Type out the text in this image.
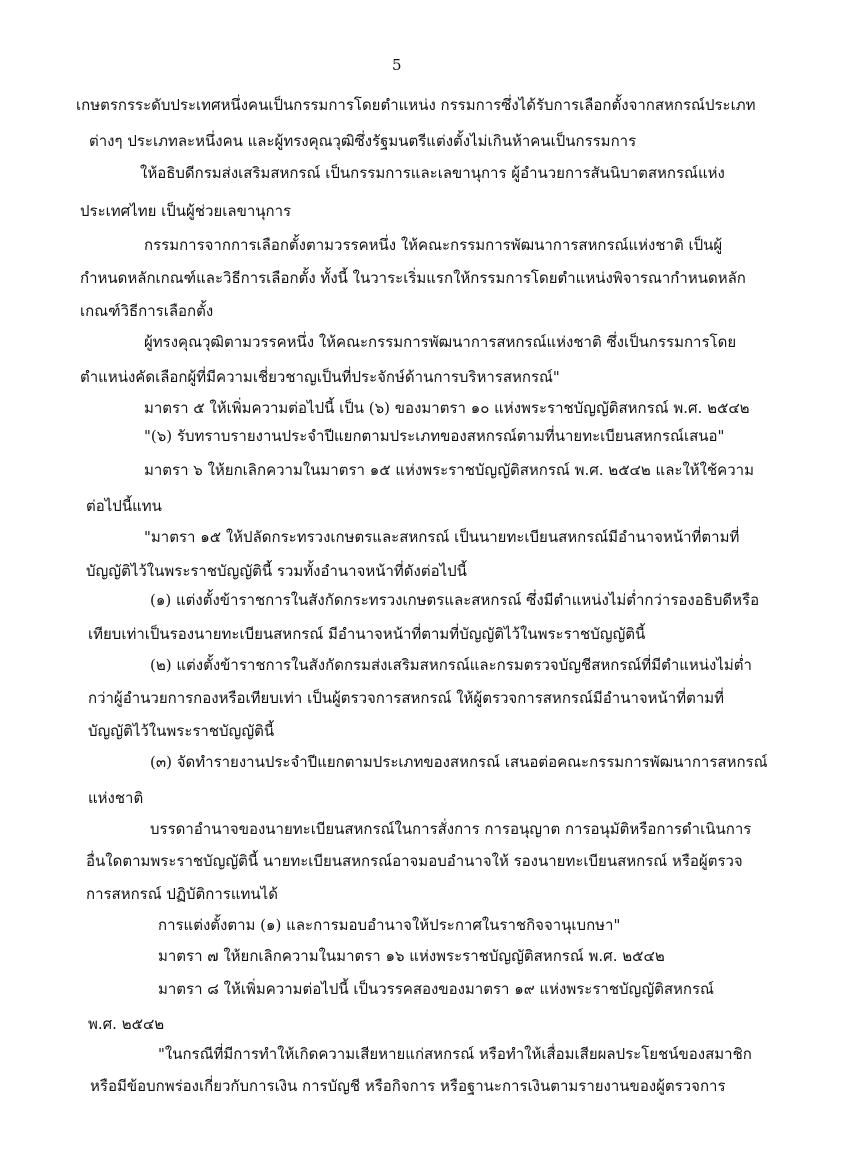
5
เกษตรกรระดับประเทศหนึ่งคนเป็นกรรมการโดยตำแหน่ง กรรมการซึ่งได้รับการเลือกตั้งจากสหกรณ์ประเภท
ต่างๆ ประเภทละหนึ่งคน และผู้ทรงคุณวุฒิซึ่งรัฐมนตรีแต่งตั้งไม่เกินห้าคนเป็นกรรมการ
ให้อธิบดีกรมส่งเสริมสหกรณ์ เป็นกรรมการและเลขานุการ ผู้อำนวยการสันนิบาตสหกรณ์แห่ง
ประเทศไทย เป็นผู้ช่วยเลขานุการ
กรรมการจากการเลือกตั้งตามวรรคหนึ่ง ให้คณะกรรมการพัฒนาการสหกรณ์แห่งชาติ เป็นผู้
กำหนดหลักเกณฑ์และวิธีการเลือกตั้ง ทั้งนี้ ในวาระเริ่มแรกให้กรรมการโดยตำแหน่งพิจารณากำหนดหลัก
เกณฑ์วิธีการเลือกตั้ง
ผู้ทรงคุณวุฒิตามวรรคหนึ่ง ให้คณะกรรมการพัฒนาการสหกรณ์แห่งชาติ ซึ่งเป็นกรรมการโดย
ตำแหน่งคัดเลือกผู้ที่มีความเชี่ยวชาญเป็นที่ประจักษ์ด้านการบริหารสหกรณ์"
มาตรา ๕ ให้เพิ่มความต่อไปนี้ เป็น (๖) ของมาตรา ๑๐ แห่งพระราชบัญญัติสหกรณ์ พ.ศ. ๒๕๔๒
"(๖) รับทราบรายงานประจำปีแยกตามประเภทของสหกรณ์ตามที่นายทะเบียนสหกรณ์เสนอ"
มาตรา ๖ ให้ยกเลิกความในมาตรา ๑๕ แห่งพระราชบัญญัติสหกรณ์ พ.ศ. ๒๕๔๒ และให้ใช้ความ
ต่อไปนี้แทน
"มาตรา ๑๕ ให้ปลัดกระทรวงเกษตรและสหกรณ์ เป็นนายทะเบียนสหกรณ์มีอำนาจหน้าที่ตามที่
บัญญัติไว้ในพระราชบัญญัตินี้ รวมทั้งอำนาจหน้าที่ดังต่อไปนี้
(๑) แต่งตั้งข้าราชการในสังกัดกระทรวงเกษตรและสหกรณ์ ซึ่งมีตำแหน่งไม่ต่ำกว่ารองอธิบดีหรือ
เทียบเท่าเป็นรองนายทะเบียนสหกรณ์ มีอำนาจหน้าที่ตามที่บัญญัติไว้ในพระราชบัญญัตินี้
(๒) แต่งตั้งข้าราชการในสังกัดกรมส่งเสริมสหกรณ์และกรมตรวจบัญชีสหกรณ์ที่มีตำแหน่งไม่ต่ำ
กว่าผู้อำนวยการกองหรือเทียบเท่า เป็นผู้ตรวจการสหกรณ์ ให้ผู้ตรวจการสหกรณ์มีอำนาจหน้าที่ตามที่
บัญญัติไว้ในพระราชบัญญัตินี้
(๓) จัดทำรายงานประจำปีแยกตามประเภทของสหกรณ์ เสนอต่อคณะกรรมการพัฒนาการสหกรณ์
แห่งชาติ
บรรดาอำนาจของนายทะเบียนสหกรณ์ในการสั่งการ การอนุญาต การอนุมัติหรือการดำเนินการ
อื่นใดตามพระราชบัญญัตินี้ นายทะเบียนสหกรณ์อาจมอบอำนาจให้ รองนายทะเบียนสหกรณ์ หรือผู้ตรวจ
การสหกรณ์ ปฏิบัติการแทนได้
การแต่งตั้งตาม (๑) และการมอบอำนาจให้ประกาศในราชกิจจานุเบกษา"
มาตรา ๗ ให้ยกเลิกความในมาตรา ๑๖ แห่งพระราชบัญญัติสหกรณ์ พ.ศ. ๒๕๔๒
มาตรา ๘ ให้เพิ่มความต่อไปนี้ เป็นวรรคสองของมาตรา ๑๙ แห่งพระราชบัญญัติสหกรณ์
พ.ศ. ๒๕๔๒
"ในกรณีที่มีการทำให้เกิดความเสียหายแก่สหกรณ์ หรือทำให้เสื่อมเสียผลประโยชน์ของสมาชิก
หรือมีข้อบกพร่องเกี่ยวกับการเงิน การบัญชี หรือกิจการ หรือฐานะการเงินตามรายงานของผู้ตรวจการ
